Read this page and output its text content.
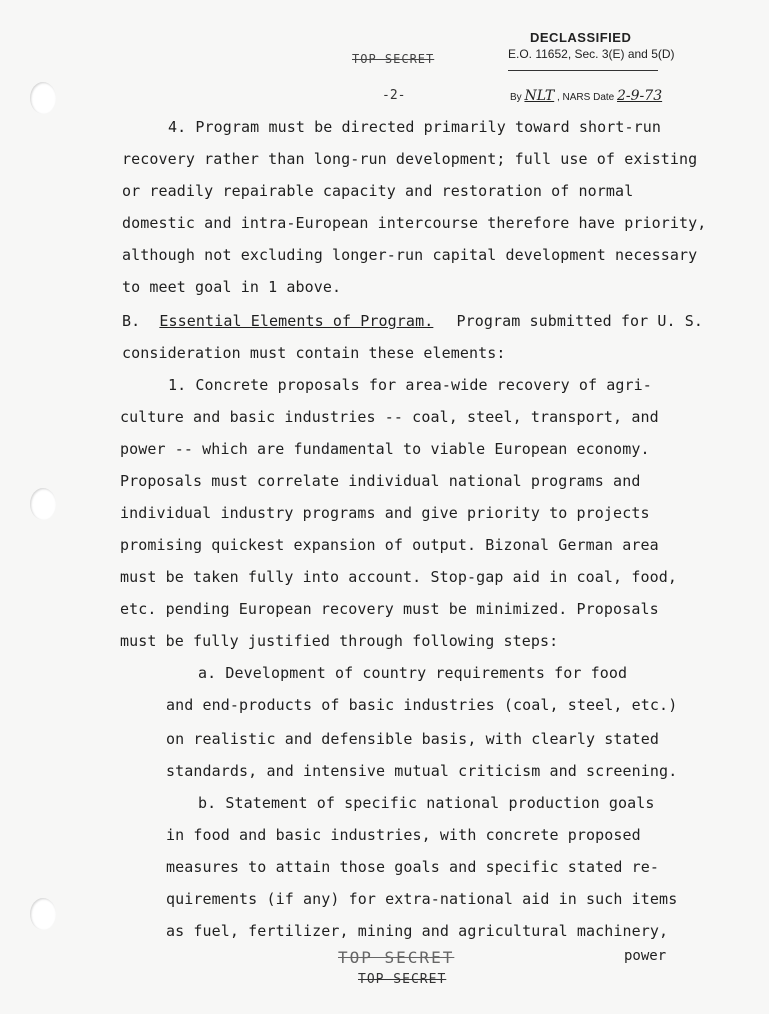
DECLASSIFIED
E.O. 11652, Sec. 3(E) and 5(D)
By NLT , NARS Date 2-9-73
TOP SECRET
-2-
4. Program must be directed primarily toward short-run
recovery rather than long-run development; full use of existing
or readily repairable capacity and restoration of normal
domestic and intra-European intercourse therefore have priority,
although not excluding longer-run capital development necessary
to meet goal in 1 above.
B. Essential Elements of Program. Program submitted for U. S.
consideration must contain these elements:
1. Concrete proposals for area-wide recovery of agri-
culture and basic industries -- coal, steel, transport, and
power -- which are fundamental to viable European economy.
Proposals must correlate individual national programs and
individual industry programs and give priority to projects
promising quickest expansion of output. Bizonal German area
must be taken fully into account. Stop-gap aid in coal, food,
etc. pending European recovery must be minimized. Proposals
must be fully justified through following steps:
a. Development of country requirements for food
and end-products of basic industries (coal, steel, etc.)
on realistic and defensible basis, with clearly stated
standards, and intensive mutual criticism and screening.
b. Statement of specific national production goals
in food and basic industries, with concrete proposed
measures to attain those goals and specific stated re-
quirements (if any) for extra-national aid in such items
as fuel, fertilizer, mining and agricultural machinery,
TOP SECRET
TOP SECRET
power
